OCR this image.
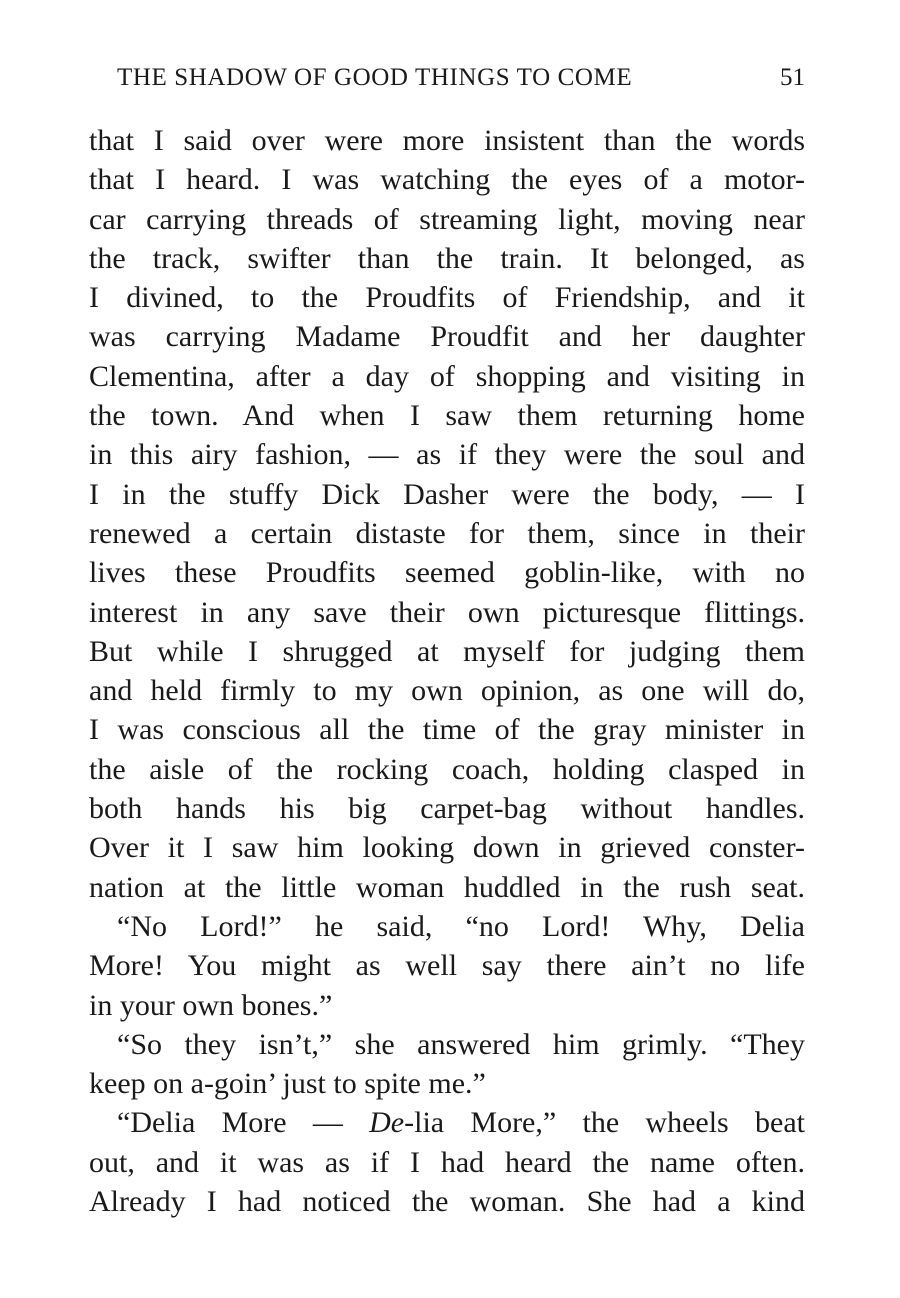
THE SHADOW OF GOOD THINGS TO COME	51
that I said over were more insistent than the words
that I heard. I was watching the eyes of a motor-
car carrying threads of streaming light, moving near
the track, swifter than the train. It belonged, as
I divined, to the Proudfits of Friendship, and it
was carrying Madame Proudfit and her daughter
Clementina, after a day of shopping and visiting in
the town. And when I saw them returning home
in this airy fashion, — as if they were the soul and
I in the stuffy Dick Dasher were the body, — I
renewed a certain distaste for them, since in their
lives these Proudfits seemed goblin-like, with no
interest in any save their own picturesque flittings.
But while I shrugged at myself for judging them
and held firmly to my own opinion, as one will do,
I was conscious all the time of the gray minister in
the aisle of the rocking coach, holding clasped in
both hands his big carpet-bag without handles.
Over it I saw him looking down in grieved conster-
nation at the little woman huddled in the rush seat.
“No Lord!” he said, “no Lord! Why, Delia
More! You might as well say there ain’t no life
in your own bones.”
“So they isn’t,” she answered him grimly. “They
keep on a-goin’ just to spite me.”
“Delia More — De-lia More,” the wheels beat
out, and it was as if I had heard the name often.
Already I had noticed the woman. She had a kind
